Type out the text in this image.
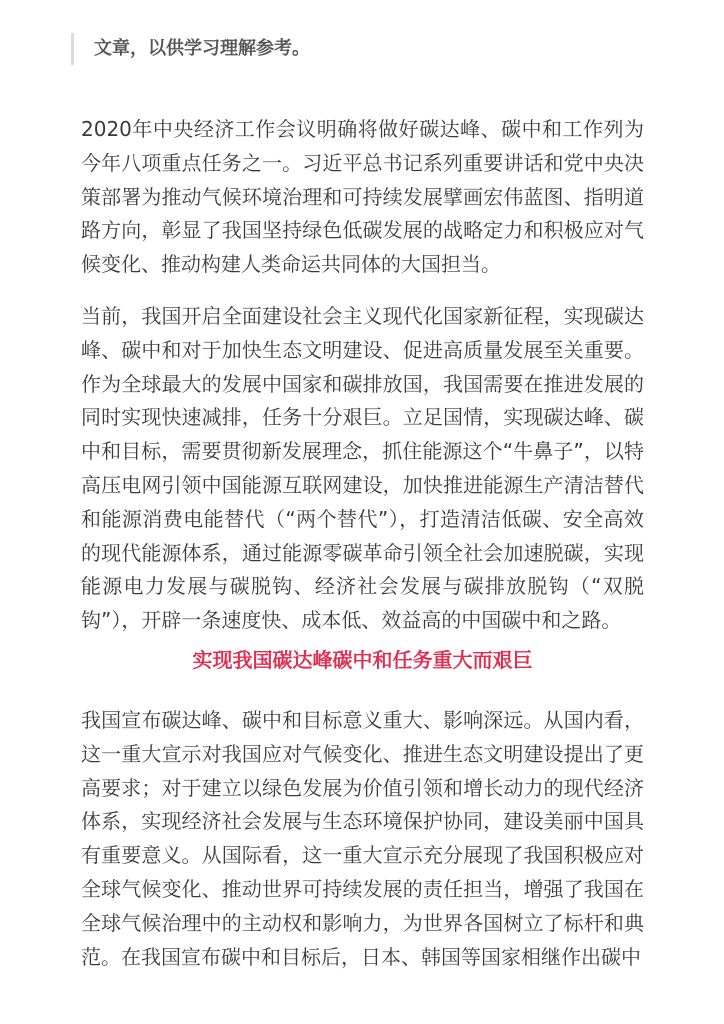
文章，以供学习理解参考。

2020年中央经济工作会议明确将做好碳达峰、碳中和工作列为今年八项重点任务之一。习近平总书记系列重要讲话和党中央决策部署为推动气候环境治理和可持续发展擘画宏伟蓝图、指明道路方向，彰显了我国坚持绿色低碳发展的战略定力和积极应对气候变化、推动构建人类命运共同体的大国担当。

当前，我国开启全面建设社会主义现代化国家新征程，实现碳达峰、碳中和对于加快生态文明建设、促进高质量发展至关重要。作为全球最大的发展中国家和碳排放国，我国需要在推进发展的同时实现快速减排，任务十分艰巨。立足国情，实现碳达峰、碳中和目标，需要贯彻新发展理念，抓住能源这个“牛鼻子”，以特高压电网引领中国能源互联网建设，加快推进能源生产清洁替代和能源消费电能替代（“两个替代”），打造清洁低碳、安全高效的现代能源体系，通过能源零碳革命引领全社会加速脱碳，实现能源电力发展与碳脱钩、经济社会发展与碳排放脱钩（“双脱钩”），开辟一条速度快、成本低、效益高的中国碳中和之路。

实现我国碳达峰碳中和任务重大而艰巨

我国宣布碳达峰、碳中和目标意义重大、影响深远。从国内看，这一重大宣示对我国应对气候变化、推进生态文明建设提出了更高要求；对于建立以绿色发展为价值引领和增长动力的现代经济体系，实现经济社会发展与生态环境保护协同，建设美丽中国具有重要意义。从国际看，这一重大宣示充分展现了我国积极应对全球气候变化、推动世界可持续发展的责任担当，增强了我国在全球气候治理中的主动权和影响力，为世界各国树立了标杆和典范。在我国宣布碳中和目标后，日本、韩国等国家相继作出碳中
